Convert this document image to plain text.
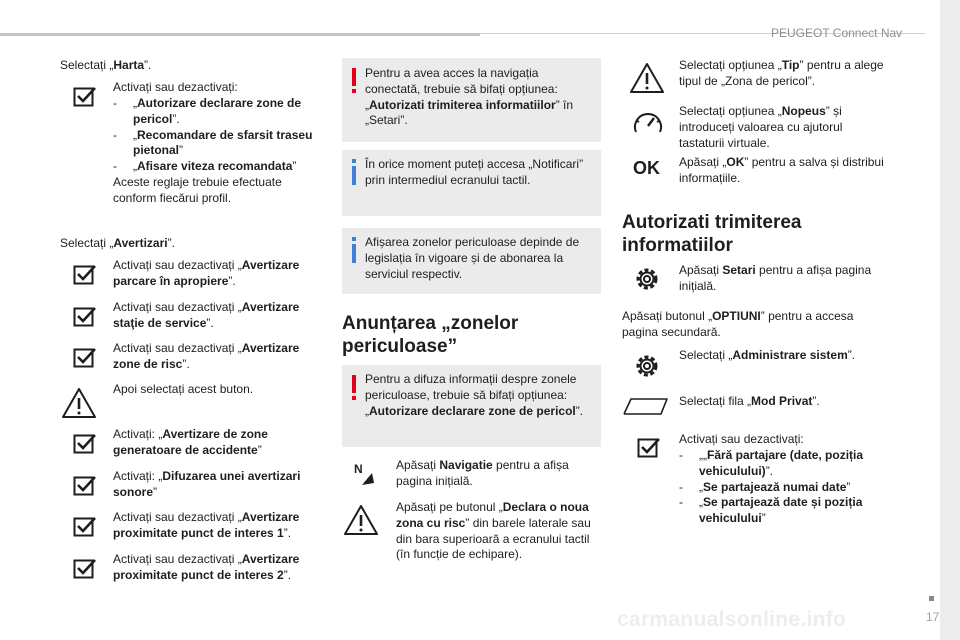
PEUGEOT Connect Nav
17
carmanualsonline.info
Selectați „Harta”.
Activați sau dezactivați:
-	„Autorizare declarare zone de pericol”.
-	„Recomandare de sfarsit traseu pietonal”
-	„Afisare viteza recomandata”
Aceste reglaje trebuie efectuate conform fiecărui profil.
Selectați „Avertizari”.
Activați sau dezactivați „Avertizare parcare în apropiere”.
Activați sau dezactivați „Avertizare staţie de service”.
Activați sau dezactivați „Avertizare zone de risc”.
Apoi selectați acest buton.
Activați: „Avertizare de zone generatoare de accidente”
Activați: „Difuzarea unei avertizari sonore”
Activați sau dezactivați „Avertizare proximitate punct de interes 1”.
Activați sau dezactivați „Avertizare proximitate punct de interes 2”.
Pentru a avea acces la navigația conectată, trebuie să bifați opțiunea: „Autorizati trimiterea informatiilor” în „Setari”.
În orice moment puteți accesa „Notificari” prin intermediul ecranului tactil.
Afișarea zonelor periculoase depinde de legislația în vigoare și de abonarea la serviciul respectiv.
Anunțarea „zonelor periculoase”
Pentru a difuza informații despre zonele periculoase, trebuie să bifați opțiunea: „Autorizare declarare zone de pericol”.
N	Apăsați Navigatie pentru a afișa pagina inițială.
Apăsați pe butonul „Declara o noua zona cu risc” din barele laterale sau din bara superioară a ecranului tactil (în funcție de echipare).
Selectați opțiunea „Tip” pentru a alege tipul de „Zona de pericol”.
Selectați opțiunea „Nopeus” și introduceți valoarea cu ajutorul tastaturii virtuale.
OK Apăsați „OK” pentru a salva și distribui informațiile.
Autorizati trimiterea informatiilor
Apăsați Setari pentru a afișa pagina inițială.
Apăsați butonul „OPTIUNI” pentru a accesa pagina secundară.
Selectați „Administrare sistem”.
Selectați fila „Mod Privat”.
Activați sau dezactivați:
-	„„Fără partajare (date, poziția vehiculului)”.
-	„Se partajează numai date”
-	„Se partajează date și poziția vehiculului”
